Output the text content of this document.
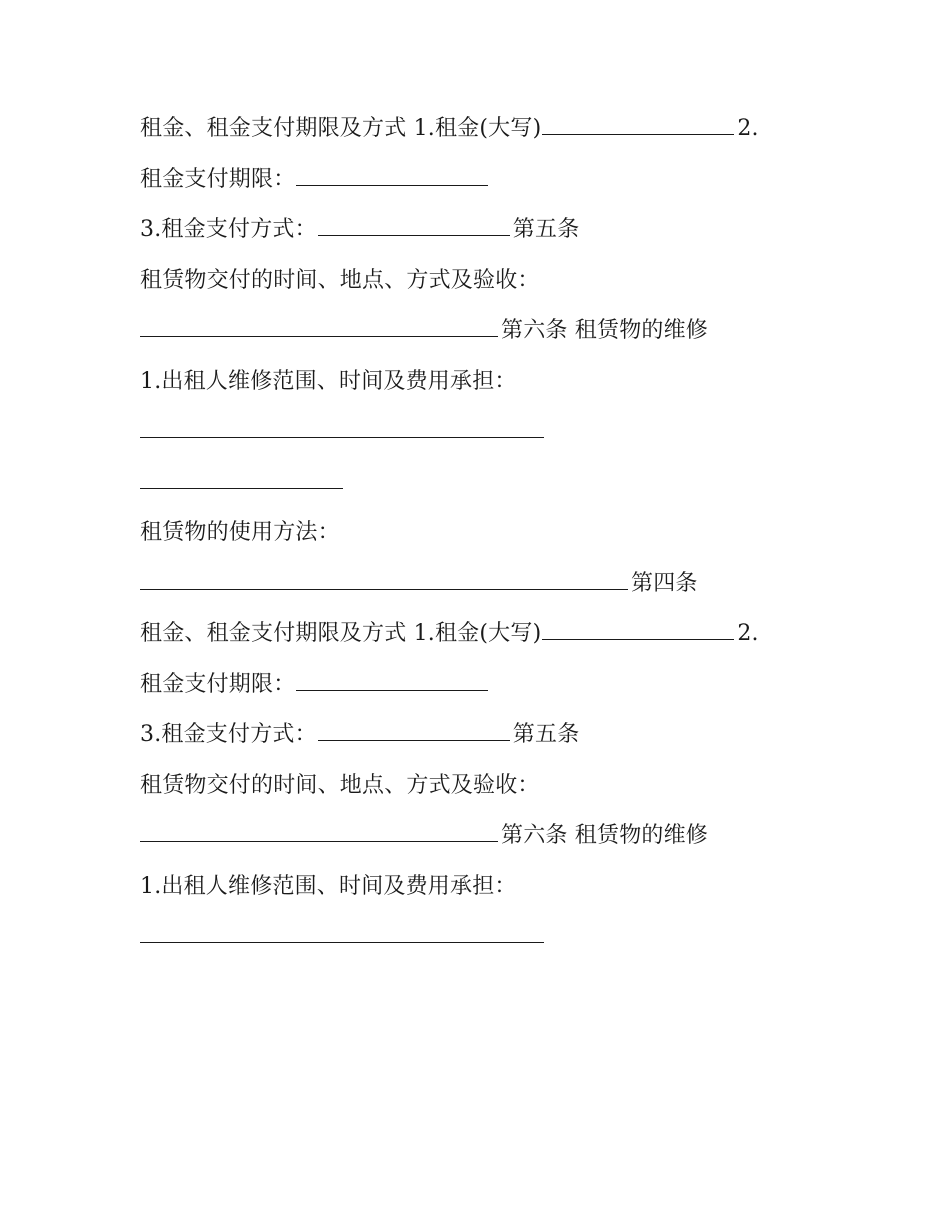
租金、租金支付期限及方式 1.租金(大写)	2.
租金支付期限：
3.租金支付方式：	第五条
租赁物交付的时间、地点、方式及验收：
第六条 租赁物的维修
1.出租人维修范围、时间及费用承担：
租赁物的使用方法：
第四条
租金、租金支付期限及方式 1.租金(大写)	2.
租金支付期限：
3.租金支付方式：	第五条
租赁物交付的时间、地点、方式及验收：
第六条 租赁物的维修
1.出租人维修范围、时间及费用承担：
